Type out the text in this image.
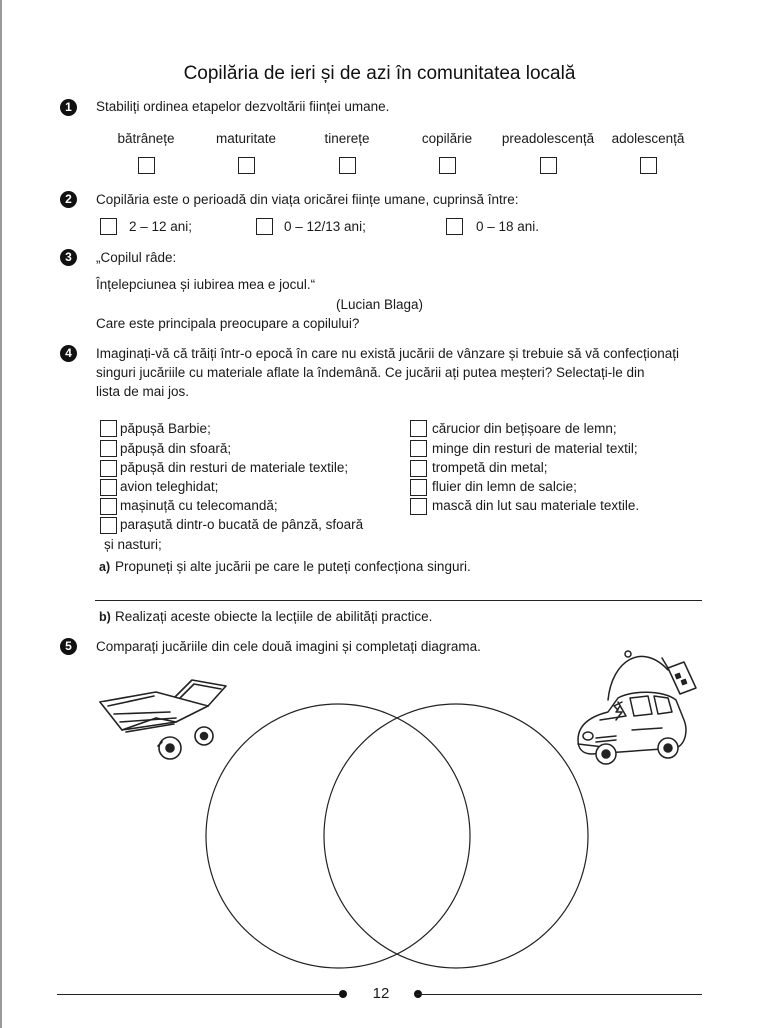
Copilăria de ieri și de azi în comunitatea locală
1	Stabiliți ordinea etapelor dezvoltării ființei umane.
bătrânețe	maturitate	tinerețe	copilărie	preadolescență	adolescență
2	Copilăria este o perioadă din viața oricărei ființe umane, cuprinsă între:
2 – 12 ani;	0 – 12/13 ani;	0 – 18 ani.
3	„Copilul râde:
Înțelepciunea și iubirea mea e jocul.“
(Lucian Blaga)
Care este principala preocupare a copilului?
4	Imaginați-vă că trăiți într-o epocă în care nu există jucării de vânzare și trebuie să vă confecționați
singuri jucăriile cu materiale aflate la îndemână. Ce jucării ați putea meșteri? Selectați-le din
lista de mai jos.
păpușă Barbie;
păpușă din sfoară;
păpușă din resturi de materiale textile;
avion teleghidat;
mașinuță cu telecomandă;
parașută dintr-o bucată de pânză, sfoară
și nasturi;
cărucior din bețișoare de lemn;
minge din resturi de material textil;
trompetă din metal;
fluier din lemn de salcie;
mască din lut sau materiale textile.
a) Propuneți și alte jucării pe care le puteți confecționa singuri.
b) Realizați aceste obiecte la lecțiile de abilități practice.
5	Comparați jucăriile din cele două imagini și completați diagrama.
12
